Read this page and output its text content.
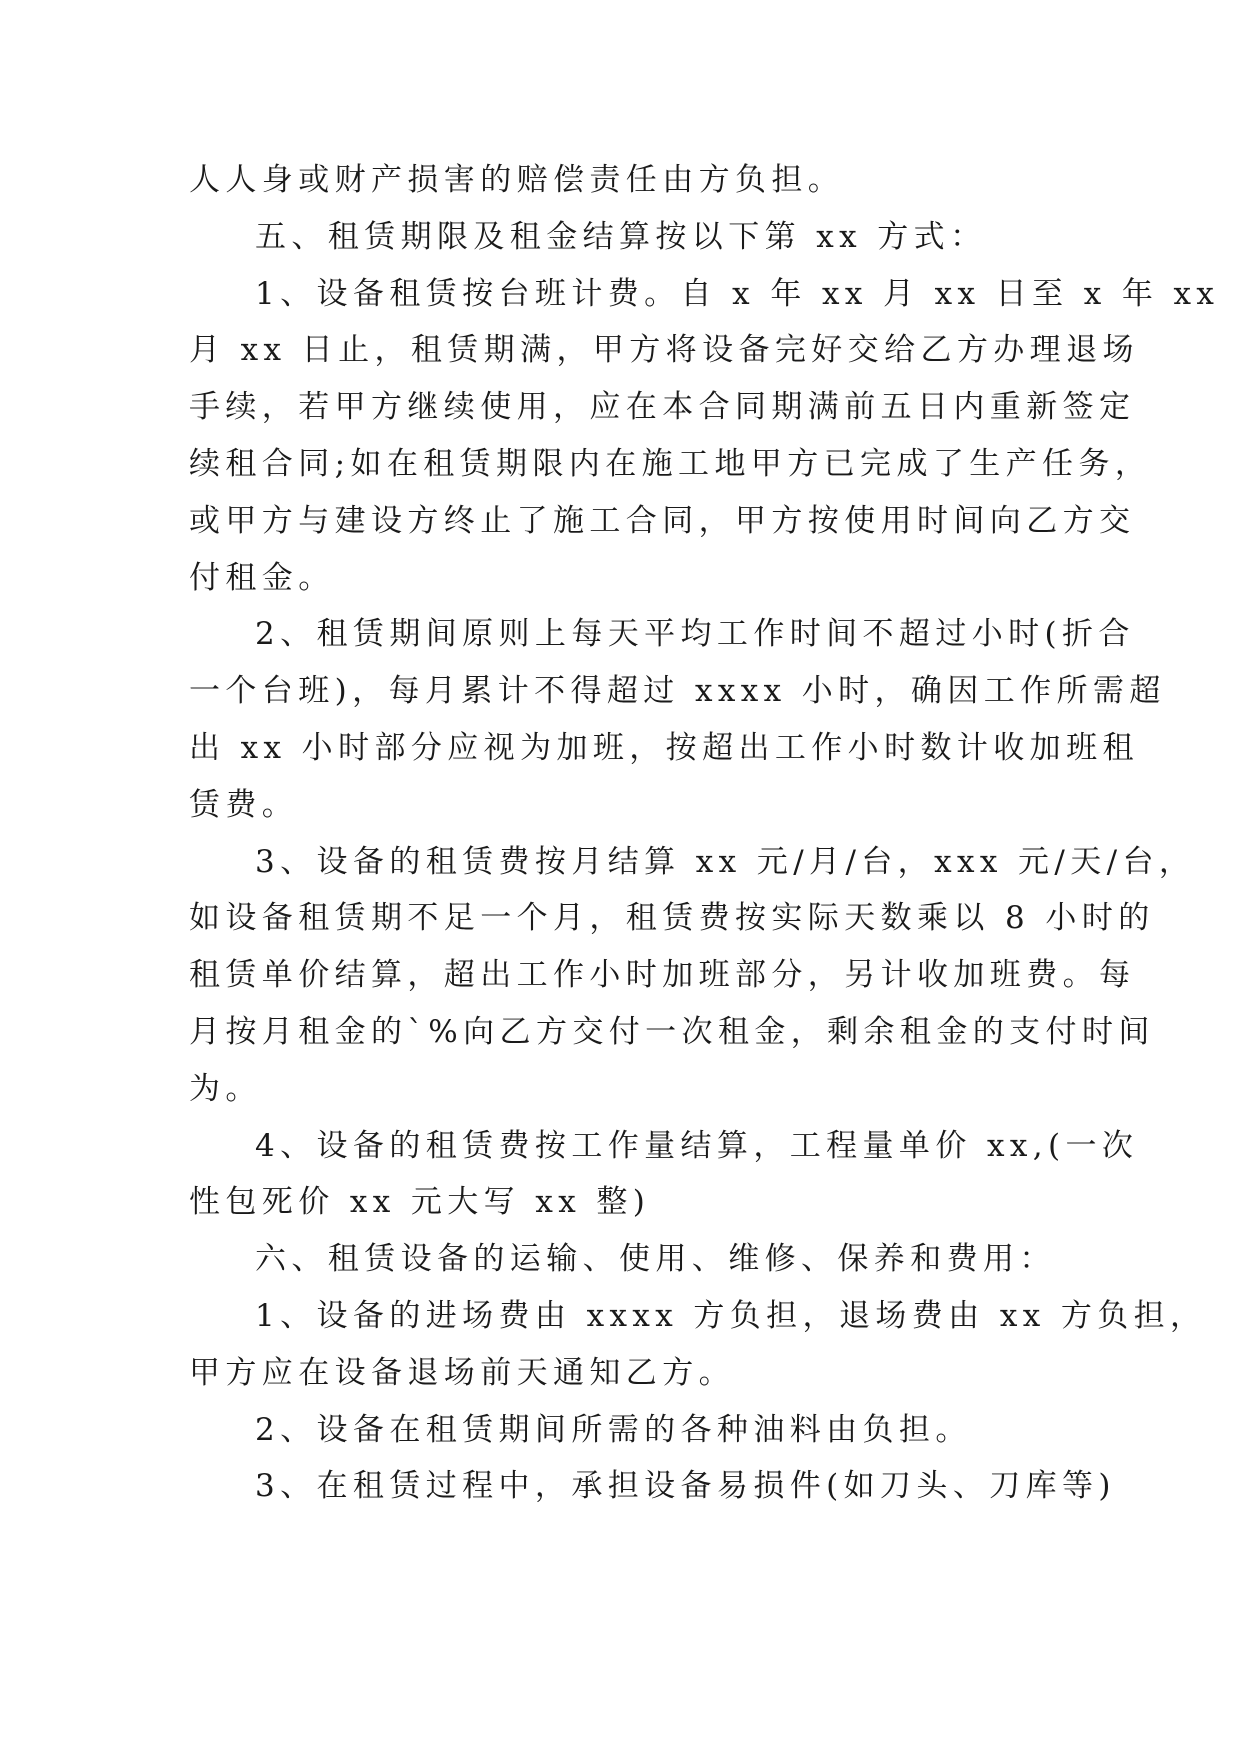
人人身或财产损害的赔偿责任由方负担。
五、租赁期限及租金结算按以下第 xx 方式：
1、设备租赁按台班计费。自 x 年 xx 月 xx 日至 x 年 xx
月 xx 日止，租赁期满，甲方将设备完好交给乙方办理退场
手续，若甲方继续使用，应在本合同期满前五日内重新签定
续租合同;如在租赁期限内在施工地甲方已完成了生产任务，
或甲方与建设方终止了施工合同，甲方按使用时间向乙方交
付租金。
2、租赁期间原则上每天平均工作时间不超过小时(折合
一个台班)，每月累计不得超过 xxxx 小时，确因工作所需超
出 xx 小时部分应视为加班，按超出工作小时数计收加班租
赁费。
3、设备的租赁费按月结算 xx 元/月/台，xxx 元/天/台，
如设备租赁期不足一个月，租赁费按实际天数乘以 8 小时的
租赁单价结算，超出工作小时加班部分，另计收加班费。每
月按月租金的`%向乙方交付一次租金，剩余租金的支付时间
为。
4、设备的租赁费按工作量结算，工程量单价 xx,(一次
性包死价 xx 元大写 xx 整)
六、租赁设备的运输、使用、维修、保养和费用：
1、设备的进场费由 xxxx 方负担，退场费由 xx 方负担，
甲方应在设备退场前天通知乙方。
2、设备在租赁期间所需的各种油料由负担。
3、在租赁过程中，承担设备易损件(如刀头、刀库等)
